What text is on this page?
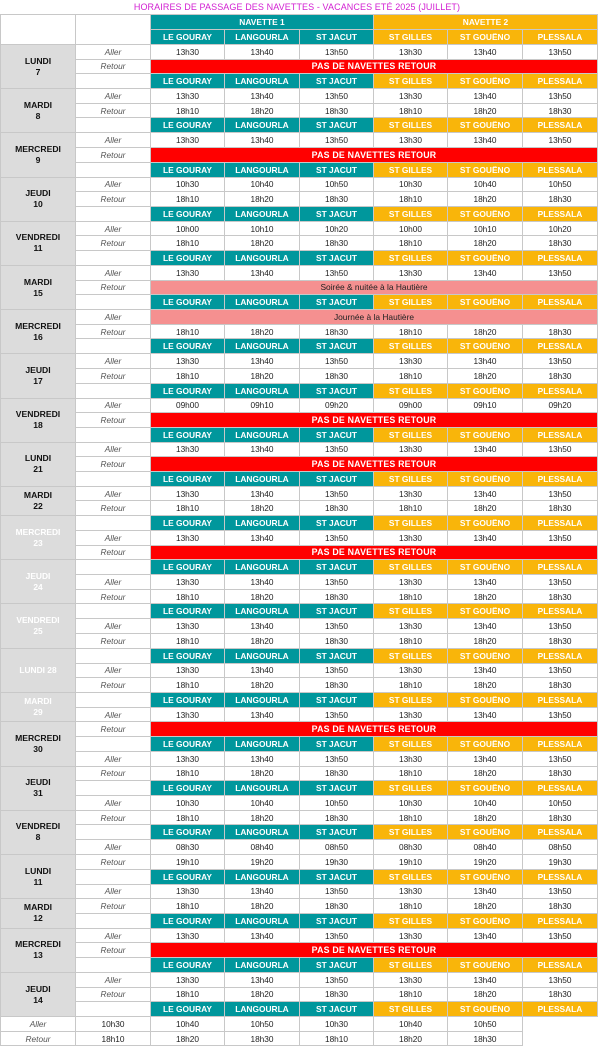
HORAIRES DE PASSAGE DES NAVETTES - VACANCES ETÉ 2025 (JUILLET)
		NAVETTE 1			NAVETTE 2		
		LE GOURAY	LANGOURLA	ST JACUT	ST GILLES	ST GOUËNO	PLESSALA

LUNDI
7	Aller	13h30	13h40	13h50	13h30	13h40	13h50
	Retour	PAS DE NAVETTES RETOUR					
		LE GOURAY	LANGOURLA	ST JACUT	ST GILLES	ST GOUËNO	PLESSALA

MARDI
8	Aller	13h30	13h40	13h50	13h30	13h40	13h50
	Retour	18h10	18h20	18h30	18h10	18h20	18h30
		LE GOURAY	LANGOURLA	ST JACUT	ST GILLES	ST GOUËNO	PLESSALA

MERCREDI
9	Aller	13h30	13h40	13h50	13h30	13h40	13h50
	Retour	PAS DE NAVETTES RETOUR					
		LE GOURAY	LANGOURLA	ST JACUT	ST GILLES	ST GOUËNO	PLESSALA

JEUDI
10	Aller	10h30	10h40	10h50	10h30	10h40	10h50
	Retour	18h10	18h20	18h30	18h10	18h20	18h30
		LE GOURAY	LANGOURLA	ST JACUT	ST GILLES	ST GOUËNO	PLESSALA

VENDREDI
11	Aller	10h00	10h10	10h20	10h00	10h10	10h20
	Retour	18h10	18h20	18h30	18h10	18h20	18h30
		LE GOURAY	LANGOURLA	ST JACUT	ST GILLES	ST GOUËNO	PLESSALA

MARDI
15	Aller	13h30	13h40	13h50	13h30	13h40	13h50
	Retour	Soirée & nuitée à la Hautière					
		LE GOURAY	LANGOURLA	ST JACUT	ST GILLES	ST GOUËNO	PLESSALA

MERCREDI
16	Aller	Journée à la Hautière					
	Retour	18h10	18h20	18h30	18h10	18h20	18h30
		LE GOURAY	LANGOURLA	ST JACUT	ST GILLES	ST GOUËNO	PLESSALA

JEUDI
17	Aller	13h30	13h40	13h50	13h30	13h40	13h50
	Retour	18h10	18h20	18h30	18h10	18h20	18h30
		LE GOURAY	LANGOURLA	ST JACUT	ST GILLES	ST GOUËNO	PLESSALA

VENDREDI
18	Aller	09h00	09h10	09h20	09h00	09h10	09h20
	Retour	PAS DE NAVETTES RETOUR					
		LE GOURAY	LANGOURLA	ST JACUT	ST GILLES	ST GOUËNO	PLESSALA

LUNDI
21	Aller	13h30	13h40	13h50	13h30	13h40	13h50
	Retour	PAS DE NAVETTES RETOUR					
		LE GOURAY	LANGOURLA	ST JACUT	ST GILLES	ST GOUËNO	PLESSALA

MARDI
22	Aller	13h30	13h40	13h50	13h30	13h40	13h50
	Retour	18h10	18h20	18h30	18h10	18h20	18h30

MERCREDI
23		LE GOURAY	LANGOURLA	ST JACUT	ST GILLES	ST GOUËNO	PLESSALA
	Aller	13h30	13h40	13h50	13h30	13h40	13h50
	Retour	PAS DE NAVETTES RETOUR					

JEUDI
24		LE GOURAY	LANGOURLA	ST JACUT	ST GILLES	ST GOUËNO	PLESSALA
	Aller	13h30	13h40	13h50	13h30	13h40	13h50
	Retour	18h10	18h20	18h30	18h10	18h20	18h30

VENDREDI
25		LE GOURAY	LANGOURLA	ST JACUT	ST GILLES	ST GOUËNO	PLESSALA
	Aller	13h30	13h40	13h50	13h30	13h40	13h50
	Retour	18h10	18h20	18h30	18h10	18h20	18h30

LUNDI 28		LE GOURAY	LANGOURLA	ST JACUT	ST GILLES	ST GOUËNO	PLESSALA
	Aller	13h30	13h40	13h50	13h30	13h40	13h50
	Retour	18h10	18h20	18h30	18h10	18h20	18h30

MARDI
29		LE GOURAY	LANGOURLA	ST JACUT	ST GILLES	ST GOUËNO	PLESSALA
	Aller	13h30	13h40	13h50	13h30	13h40	13h50

MERCREDI
30	Retour	PAS DE NAVETTES RETOUR					
		LE GOURAY	LANGOURLA	ST JACUT	ST GILLES	ST GOUËNO	PLESSALA
	Aller	13h30	13h40	13h50	13h30	13h40	13h50

JEUDI
31	Retour	18h10	18h20	18h30	18h10	18h20	18h30
		LE GOURAY	LANGOURLA	ST JACUT	ST GILLES	ST GOUËNO	PLESSALA
	Aller	10h30	10h40	10h50	10h30	10h40	10h50

VENDREDI
8	Retour	18h10	18h20	18h30	18h10	18h20	18h30
		LE GOURAY	LANGOURLA	ST JACUT	ST GILLES	ST GOUËNO	PLESSALA
	Aller	08h30	08h40	08h50	08h30	08h40	08h50

LUNDI
11	Retour	19h10	19h20	19h30	19h10	19h20	19h30
		LE GOURAY	LANGOURLA	ST JACUT	ST GILLES	ST GOUËNO	PLESSALA
	Aller	13h30	13h40	13h50	13h30	13h40	13h50

MARDI
12	Retour	18h10	18h20	18h30	18h10	18h20	18h30
		LE GOURAY	LANGOURLA	ST JACUT	ST GILLES	ST GOUËNO	PLESSALA

MERCREDI
13	Aller	13h30	13h40	13h50	13h30	13h40	13h50
	Retour	PAS DE NAVETTES RETOUR					
		LE GOURAY	LANGOURLA	ST JACUT	ST GILLES	ST GOUËNO	PLESSALA

JEUDI
14	Aller	13h30	13h40	13h50	13h30	13h40	13h50
	Retour	18h10	18h20	18h30	18h10	18h20	18h30
		LE GOURAY	LANGOURLA	ST JACUT	ST GILLES	ST GOUËNO	PLESSALA
Aller	10h30	10h40	10h50	10h30	10h40	10h50	
Retour	18h10	18h20	18h30	18h10	18h20	18h30	
